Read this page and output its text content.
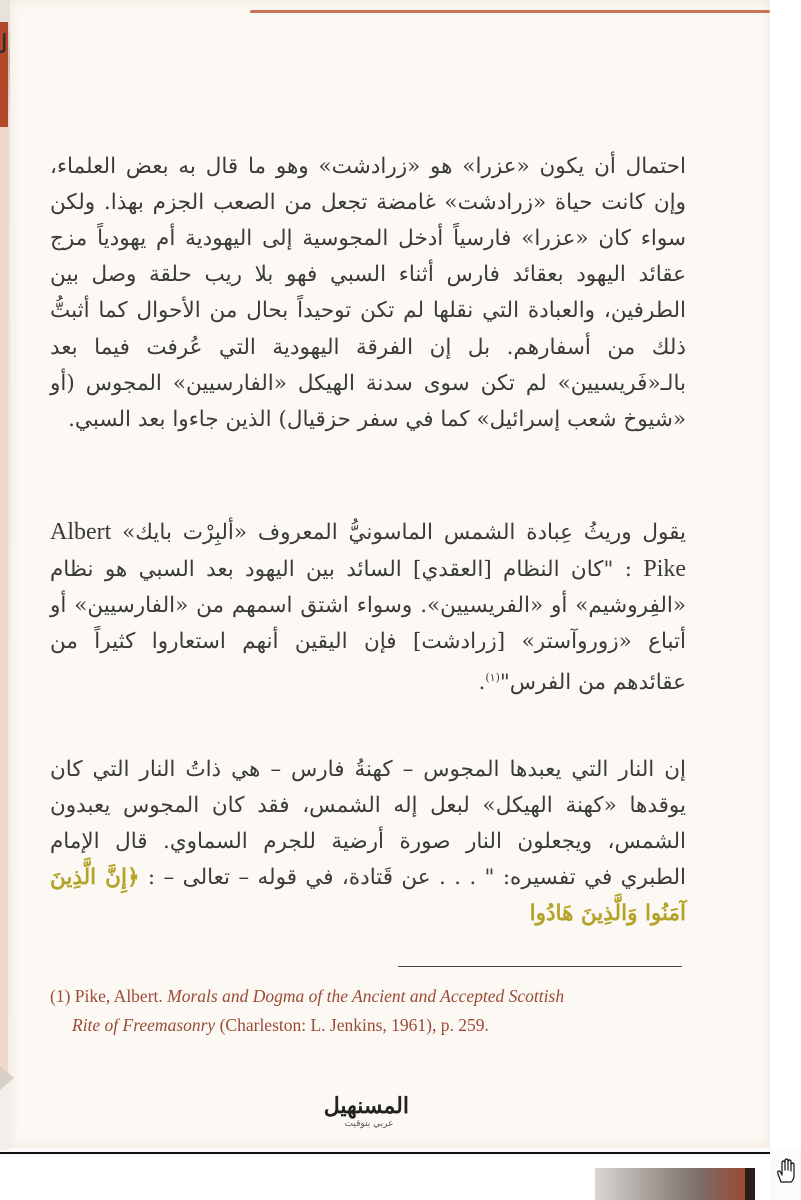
ﻟ

احتمال أن يكون «عزرا» هو «زرادشت» وهو ما قال به بعض العلماء، وإن كانت حياة «زرادشت» غامضة تجعل من الصعب الجزم بهذا. ولكن سواء كان «عزرا» فارسياً أدخل المجوسية إلى اليهودية أم يهودياً مزج عقائد اليهود بعقائد فارس أثناء السبي فهو بلا ريب حلقة وصل بين الطرفين، والعبادة التي نقلها لم تكن توحيداً بحال من الأحوال كما أثبتُّ ذلك من أسفارهم. بل إن الفرقة اليهودية التي عُرفت فيما بعد بالـ«فَريسيين» لم تكن سوى سدنة الهيكل «الفارسيين» المجوس (أو «شيوخ شعب إسرائيل» كما في سفر حزقيال) الذين جاءوا بعد السبي.

يقول وريثُ عِبادة الشمس الماسونيُّ المعروف «ألبِرْت بايك» Albert Pike : "كان النظام [العقدي] السائد بين اليهود بعد السبي هو نظام «الفِروشيم» أو «الفريسيين». وسواء اشتق اسمهم من «الفارسيين» أو أتباع «زوروآستر» [زرادشت] فإن اليقين أنهم استعاروا كثيراً من عقائدهم من الفرس"$^{(١)}$.

إن النار التي يعبدها المجوس – كهنةُ فارس – هي ذاتُ النار التي كان يوقدها «كهنة الهيكل» لبعل إله الشمس، فقد كان المجوس يعبدون الشمس، ويجعلون النار صورة أرضية للجرم السماوي. قال الإمام الطبري في تفسيره: " . . . عن قَتادة، في قوله – تعالى – : ﴿إِنَّ الَّذِينَ آمَنُوا وَالَّذِينَ هَادُوا

(1) Pike, Albert. Morals and Dogma of the Ancient and Accepted Scottish
Rite of Freemasonry (Charleston: L. Jenkins, 1961), p. 259.
المسنهيل
عربي بتوقيت
